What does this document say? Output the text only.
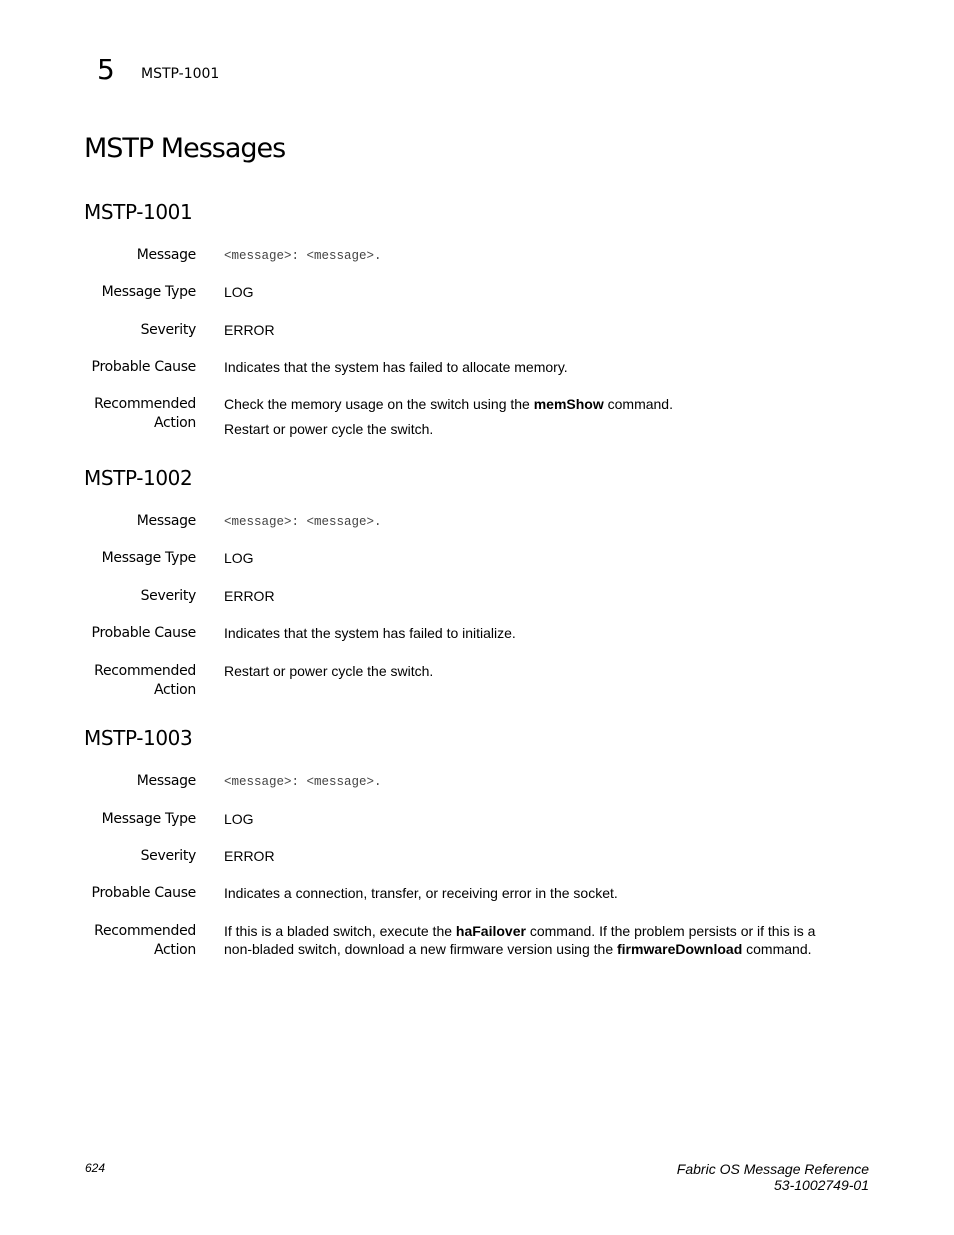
5 MSTP-1001
MSTP Messages
MSTP-1001
Message <message>: <message>.
Message Type LOG
Severity ERROR
Probable Cause Indicates that the system has failed to allocate memory.
Recommended
Action
Check the memory usage on the switch using the memShow command.
Restart or power cycle the switch.
MSTP-1002
Message <message>: <message>.
Message Type LOG
Severity ERROR
Probable Cause Indicates that the system has failed to initialize.
Recommended
Action
Restart or power cycle the switch.
MSTP-1003
Message <message>: <message>.
Message Type LOG
Severity ERROR
Probable Cause Indicates a connection, transfer, or receiving error in the socket.
Recommended
Action
If this is a bladed switch, execute the haFailover command. If the problem persists or if this is a non-bladed switch, download a new firmware version using the firmwareDownload command.
624	Fabric OS Message Reference
53-1002749-01
